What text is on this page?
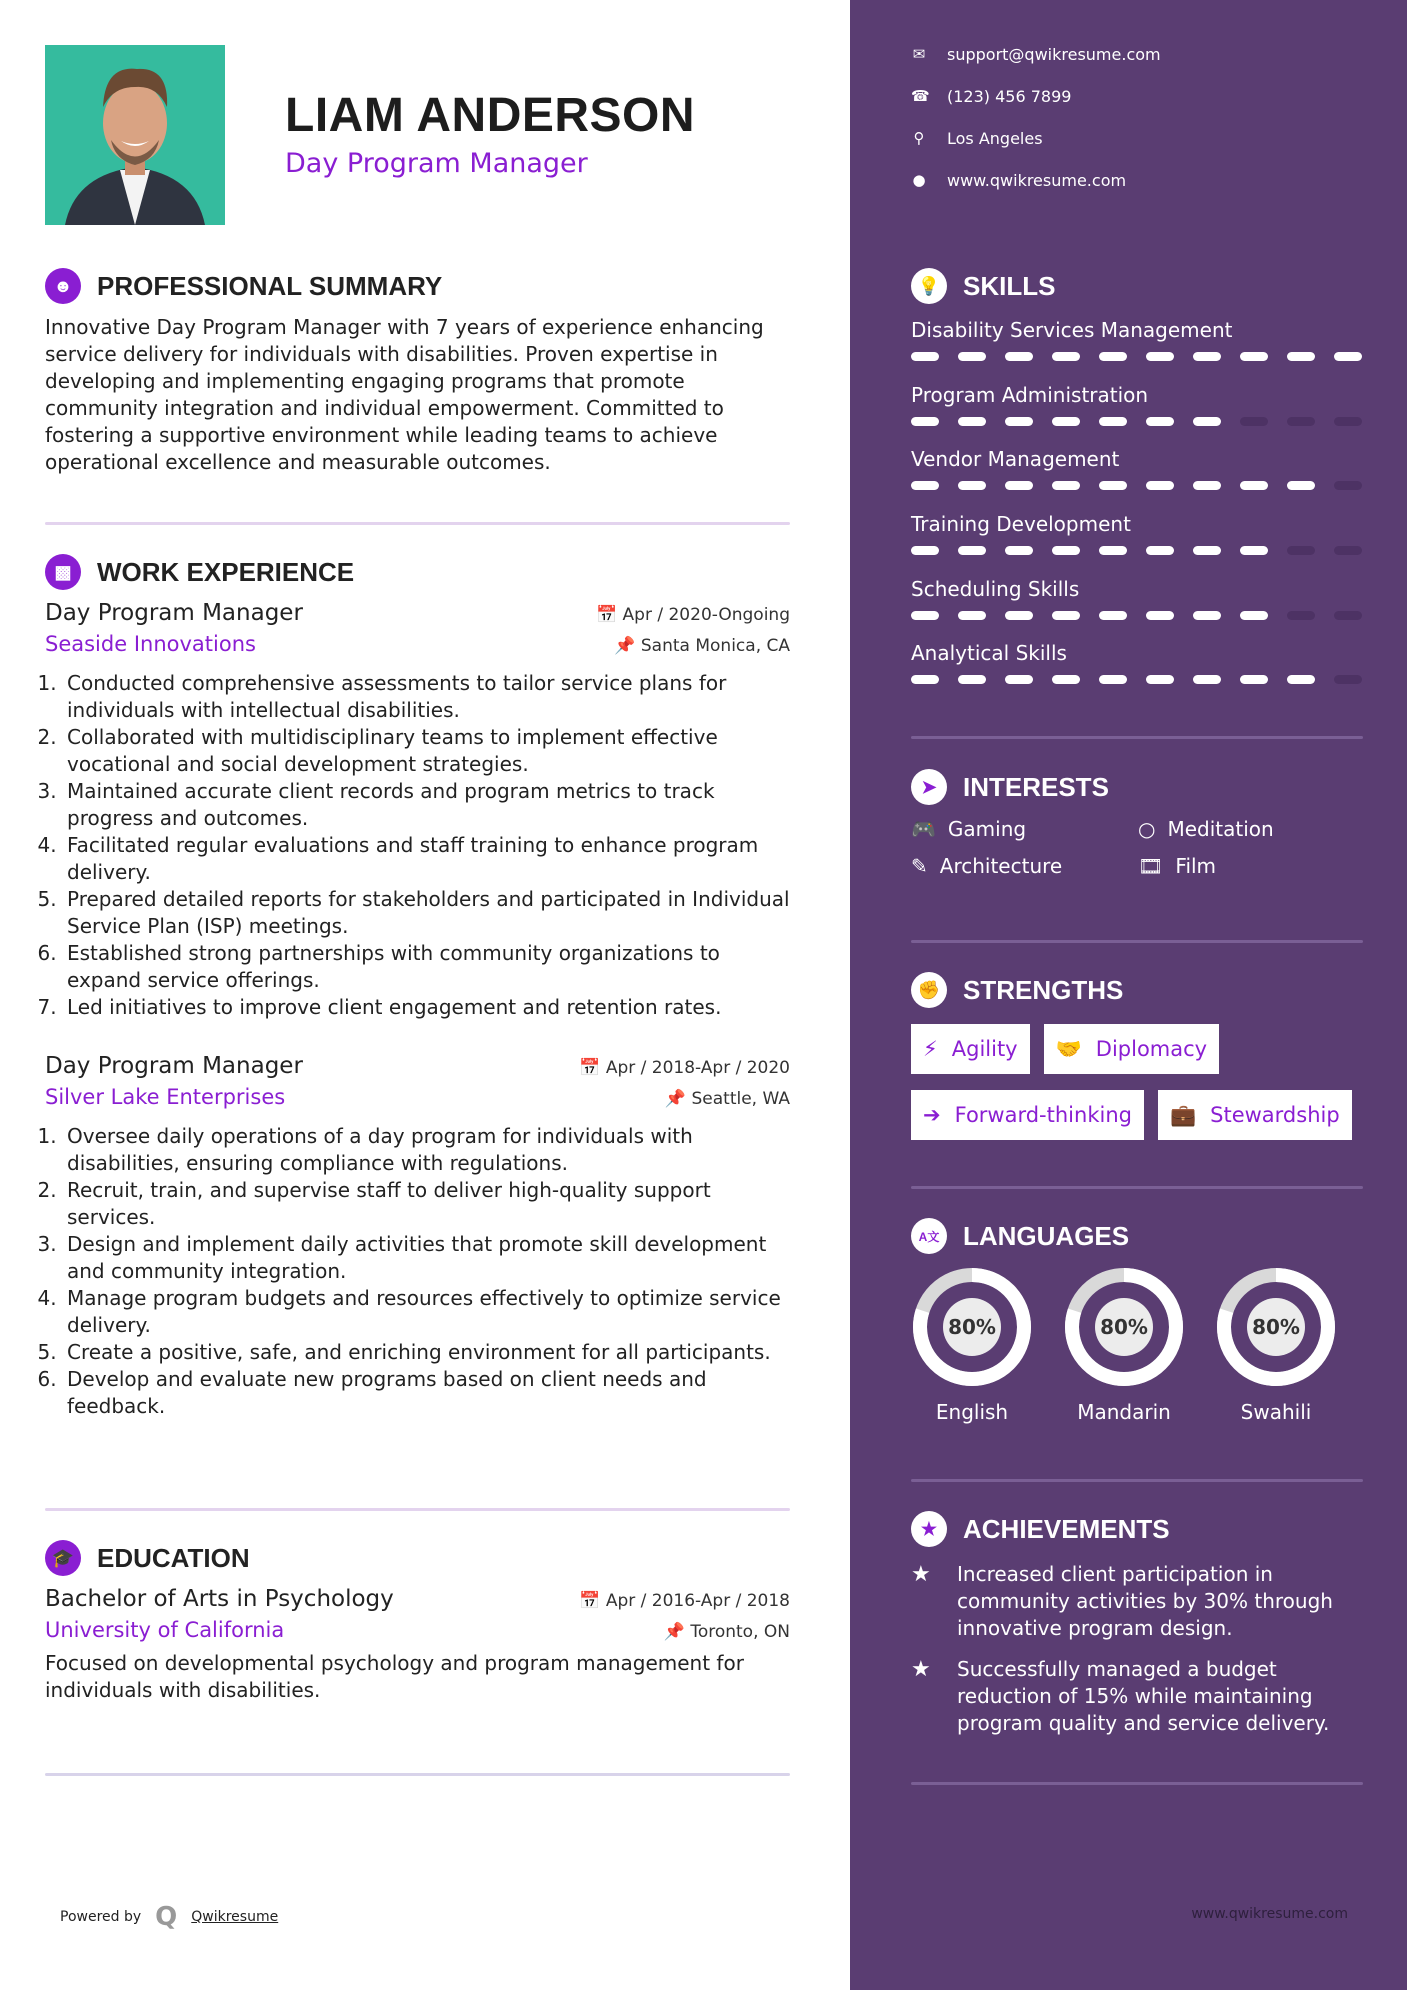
LIAM ANDERSON
Day Program Manager
☻ PROFESSIONAL SUMMARY

Innovative Day Program Manager with 7 years of experience enhancing service delivery for individuals with disabilities. Proven expertise in developing and implementing engaging programs that promote community integration and individual empowerment. Committed to fostering a supportive environment while leading teams to achieve operational excellence and measurable outcomes.

▩ WORK EXPERIENCE
Day Program Manager	📅 Apr / 2020-Ongoing
Seaside Innovations	📌 Santa Monica, CA
1. Conducted comprehensive assessments to tailor service plans for individuals with intellectual disabilities.
2. Collaborated with multidisciplinary teams to implement effective vocational and social development strategies.
3. Maintained accurate client records and program metrics to track progress and outcomes.
4. Facilitated regular evaluations and staff training to enhance program delivery.
5. Prepared detailed reports for stakeholders and participated in Individual Service Plan (ISP) meetings.
6. Established strong partnerships with community organizations to expand service offerings.
7. Led initiatives to improve client engagement and retention rates.
Day Program Manager	📅 Apr / 2018-Apr / 2020
Silver Lake Enterprises	📌 Seattle, WA
1. Oversee daily operations of a day program for individuals with disabilities, ensuring compliance with regulations.
2. Recruit, train, and supervise staff to deliver high-quality support services.
3. Design and implement daily activities that promote skill development and community integration.
4. Manage program budgets and resources effectively to optimize service delivery.
5. Create a positive, safe, and enriching environment for all participants.
6. Develop and evaluate new programs based on client needs and feedback.
🎓 EDUCATION
Bachelor of Arts in Psychology	📅 Apr / 2016-Apr / 2018
University of California	📌 Toronto, ON

Focused on developmental psychology and program management for individuals with disabilities.

Powered by Q Qwikresume
✉ support@qwikresume.com
☎ (123) 456 7899
⚲ Los Angeles
● www.qwikresume.com
💡 SKILLS
Disability Services Management
Program Administration
Vendor Management
Training Development
Scheduling Skills
Analytical Skills
➤	INTERESTS
🎮 Gaming	○ Meditation
✎ Architecture	🎞 Film
✊ STRENGTHS
⚡ Agility 🤝 Diplomacy
➔ Forward-thinking 💼 Stewardship
A文 LANGUAGES
80%
English
80%
Mandarin
80%
Swahili
★ ACHIEVEMENTS
★	Increased client participation in community activities by 30% through innovative program design.
★	Successfully managed a budget reduction of 15% while maintaining program quality and service delivery.
www.qwikresume.com
